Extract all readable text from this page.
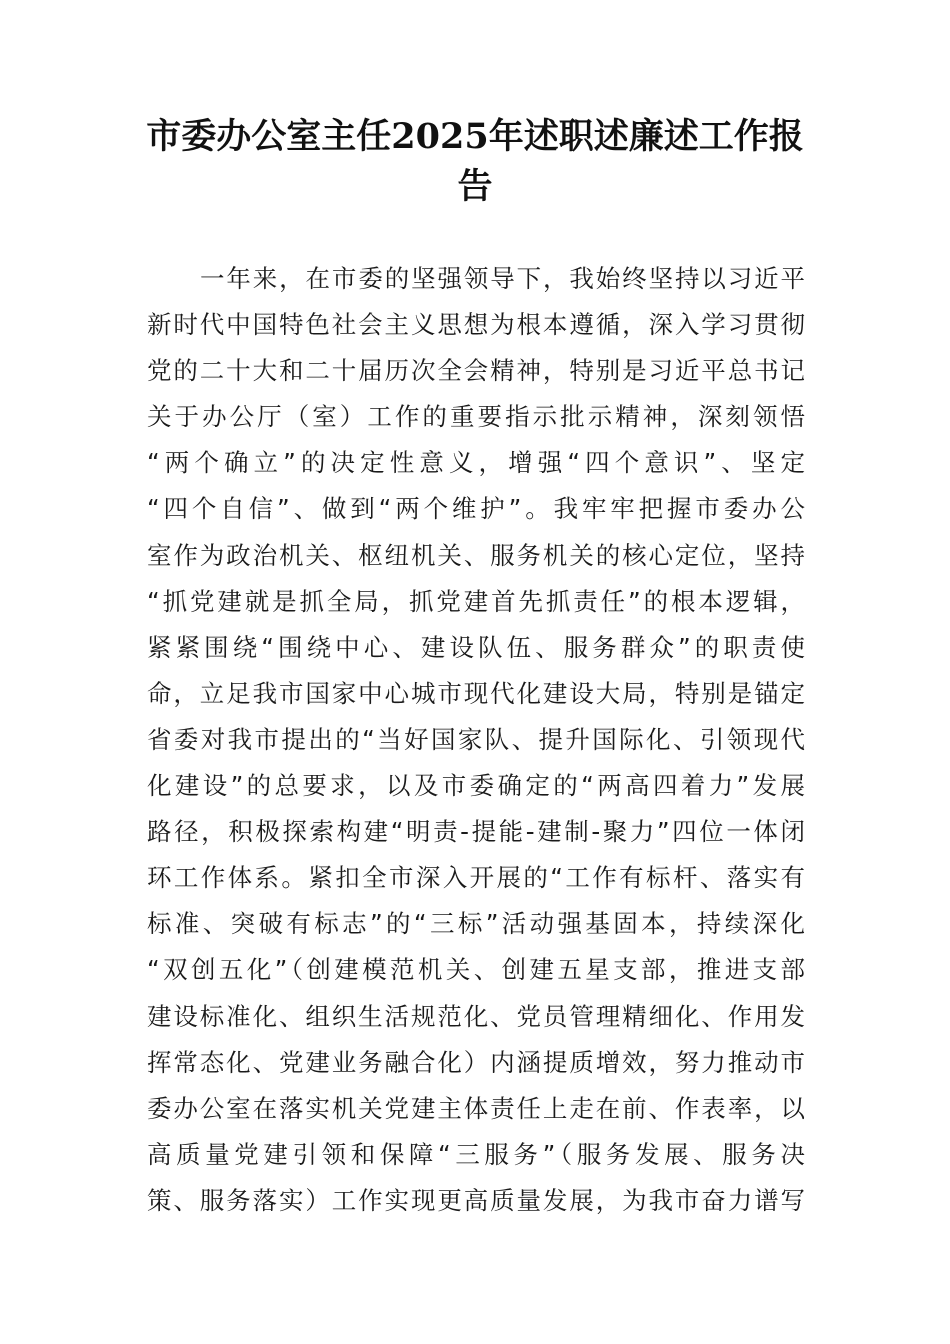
市委办公室主任2025年述职述廉述工作报
告
一年来，在市委的坚强领导下，我始终坚持以习近平
新时代中国特色社会主义思想为根本遵循，深入学习贯彻
党的二十大和二十届历次全会精神，特别是习近平总书记
关于办公厅（室）工作的重要指示批示精神，深刻领悟
“两个确立”的决定性意义，增强“四个意识”、坚定
“四个自信”、做到“两个维护”。我牢牢把握市委办公
室作为政治机关、枢纽机关、服务机关的核心定位，坚持
“抓党建就是抓全局，抓党建首先抓责任”的根本逻辑，
紧紧围绕“围绕中心、建设队伍、服务群众”的职责使
命，立足我市国家中心城市现代化建设大局，特别是锚定
省委对我市提出的“当好国家队、提升国际化、引领现代
化建设”的总要求，以及市委确定的“两高四着力”发展
路径，积极探索构建“明责-提能-建制-聚力”四位一体闭
环工作体系。紧扣全市深入开展的“工作有标杆、落实有
标准、突破有标志”的“三标”活动强基固本，持续深化
“双创五化”（创建模范机关、创建五星支部，推进支部
建设标准化、组织生活规范化、党员管理精细化、作用发
挥常态化、党建业务融合化）内涵提质增效，努力推动市
委办公室在落实机关党建主体责任上走在前、作表率，以
高质量党建引领和保障“三服务”（服务发展、服务决
策、服务落实）工作实现更高质量发展，为我市奋力谱写
